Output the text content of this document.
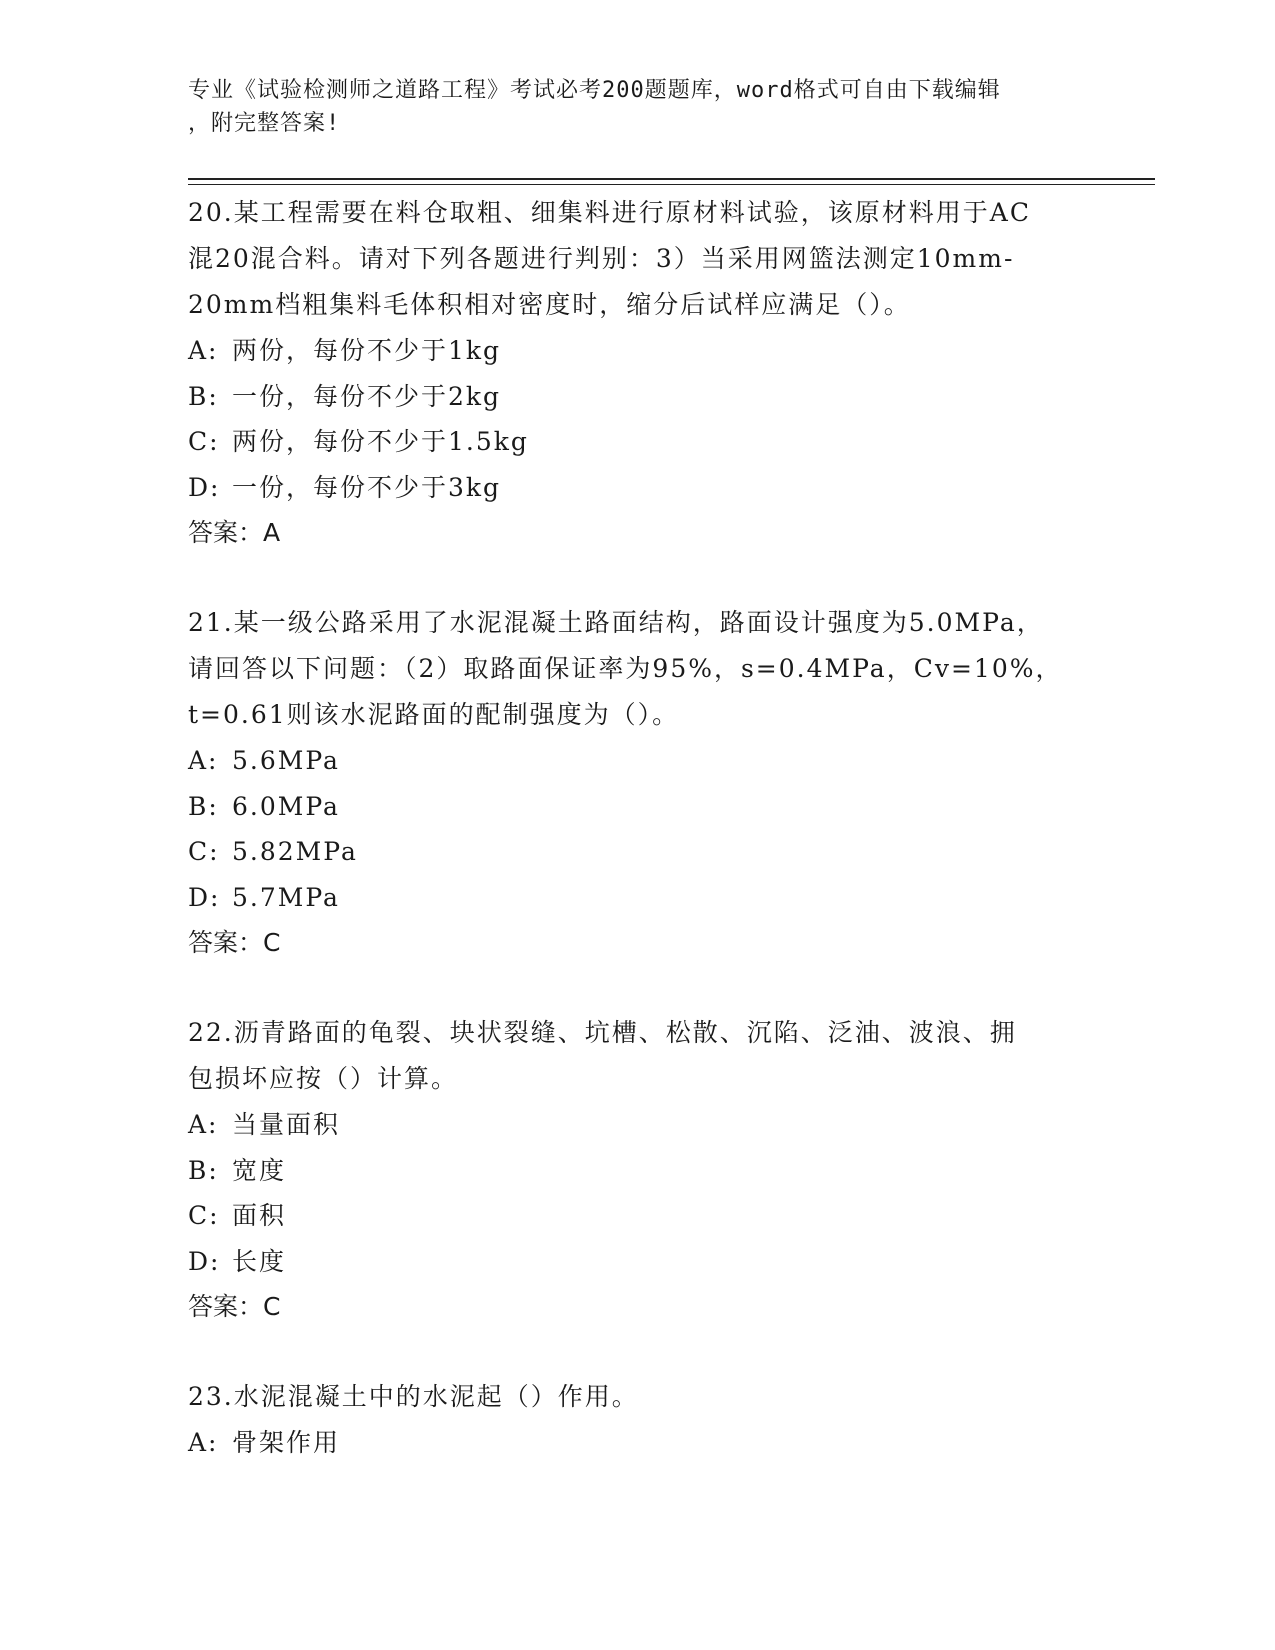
专业《试验检测师之道路工程》考试必考200题题库，word格式可自由下载编辑
，附完整答案!

20.某工程需要在料仓取粗、细集料进行原材料试验，该原材料用于AC

混20混合料。请对下列各题进行判别：3）当采用网篮法测定10mm-

20mm档粗集料毛体积相对密度时，缩分后试样应满足（）。

A: 两份，每份不少于1kg

B: 一份，每份不少于2kg

C: 两份，每份不少于1.5kg

D: 一份，每份不少于3kg

答案：A

21.某一级公路采用了水泥混凝土路面结构，路面设计强度为5.0MPa，

请回答以下问题：（2）取路面保证率为95%，s=0.4MPa，Cv=10%，

t=0.61则该水泥路面的配制强度为（）。

A: 5.6MPa

B: 6.0MPa

C: 5.82MPa

D: 5.7MPa

答案：C

22.沥青路面的龟裂、块状裂缝、坑槽、松散、沉陷、泛油、波浪、拥

包损坏应按（）计算。

A: 当量面积

B: 宽度

C: 面积

D: 长度

答案：C

23.水泥混凝土中的水泥起（）作用。

A: 骨架作用
